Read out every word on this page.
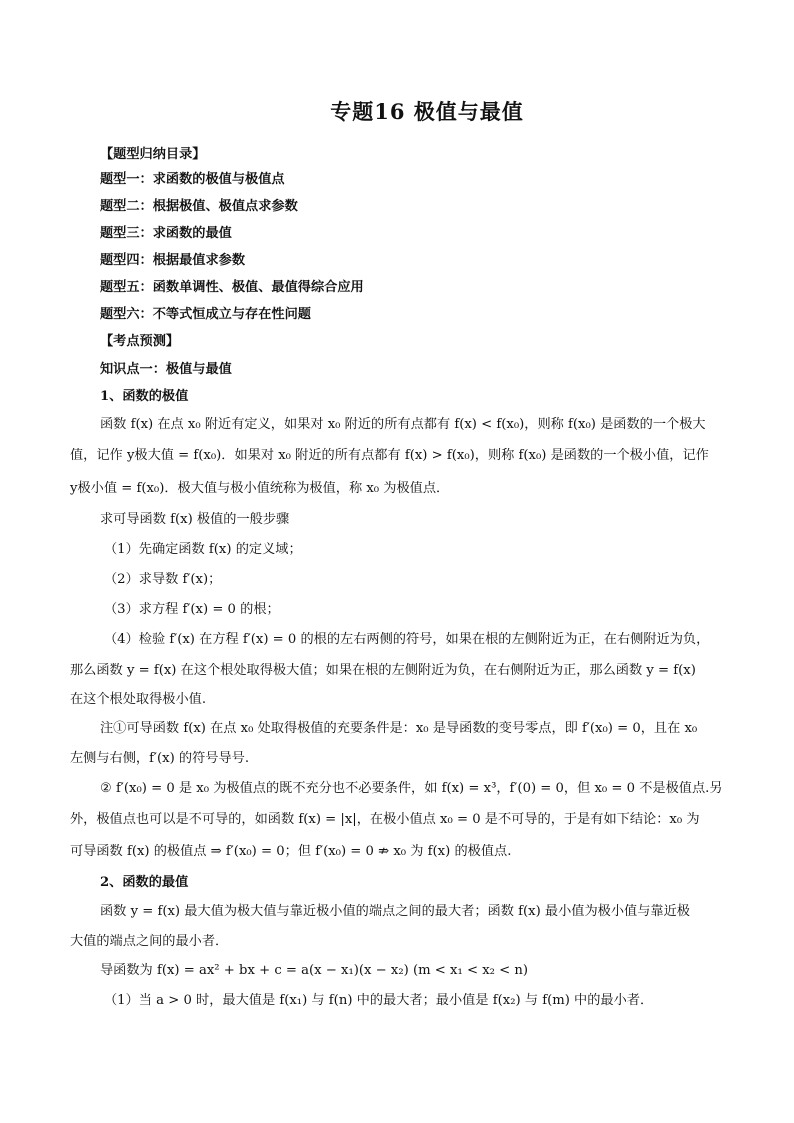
专题16 极值与最值
【题型归纳目录】
题型一：求函数的极值与极值点
题型二：根据极值、极值点求参数
题型三：求函数的最值
题型四：根据最值求参数
题型五：函数单调性、极值、最值得综合应用
题型六：不等式恒成立与存在性问题
【考点预测】
知识点一：极值与最值
1、函数的极值
函数 f(x) 在点 x₀ 附近有定义，如果对 x₀ 附近的所有点都有 f(x) < f(x₀)，则称 f(x₀) 是函数的一个极大
值，记作 y极大值 = f(x₀)．如果对 x₀ 附近的所有点都有 f(x) > f(x₀)，则称 f(x₀) 是函数的一个极小值，记作
y极小值 = f(x₀)．极大值与极小值统称为极值，称 x₀ 为极值点．
求可导函数 f(x) 极值的一般步骤
（1）先确定函数 f(x) 的定义域；
（2）求导数 f′(x)；
（3）求方程 f′(x) = 0 的根；
（4）检验 f′(x) 在方程 f′(x) = 0 的根的左右两侧的符号，如果在根的左侧附近为正，在右侧附近为负，
那么函数 y = f(x) 在这个根处取得极大值；如果在根的左侧附近为负，在右侧附近为正，那么函数 y = f(x)
在这个根处取得极小值.
注①可导函数 f(x) 在点 x₀ 处取得极值的充要条件是：x₀ 是导函数的变号零点，即 f′(x₀) = 0，且在 x₀
左侧与右侧，f′(x) 的符号导号.
② f′(x₀) = 0 是 x₀ 为极值点的既不充分也不必要条件，如 f(x) = x³，f′(0) = 0，但 x₀ = 0 不是极值点.另
外，极值点也可以是不可导的，如函数 f(x) = |x|，在极小值点 x₀ = 0 是不可导的，于是有如下结论：x₀ 为
可导函数 f(x) 的极值点 ⇒ f′(x₀) = 0；但 f′(x₀) = 0 ⇏ x₀ 为 f(x) 的极值点.
2、函数的最值
函数 y = f(x) 最大值为极大值与靠近极小值的端点之间的最大者；函数 f(x) 最小值为极小值与靠近极
大值的端点之间的最小者．
导函数为 f(x) = ax² + bx + c = a(x − x₁)(x − x₂) (m < x₁ < x₂ < n)
（1）当 a > 0 时，最大值是 f(x₁) 与 f(n) 中的最大者；最小值是 f(x₂) 与 f(m) 中的最小者．
